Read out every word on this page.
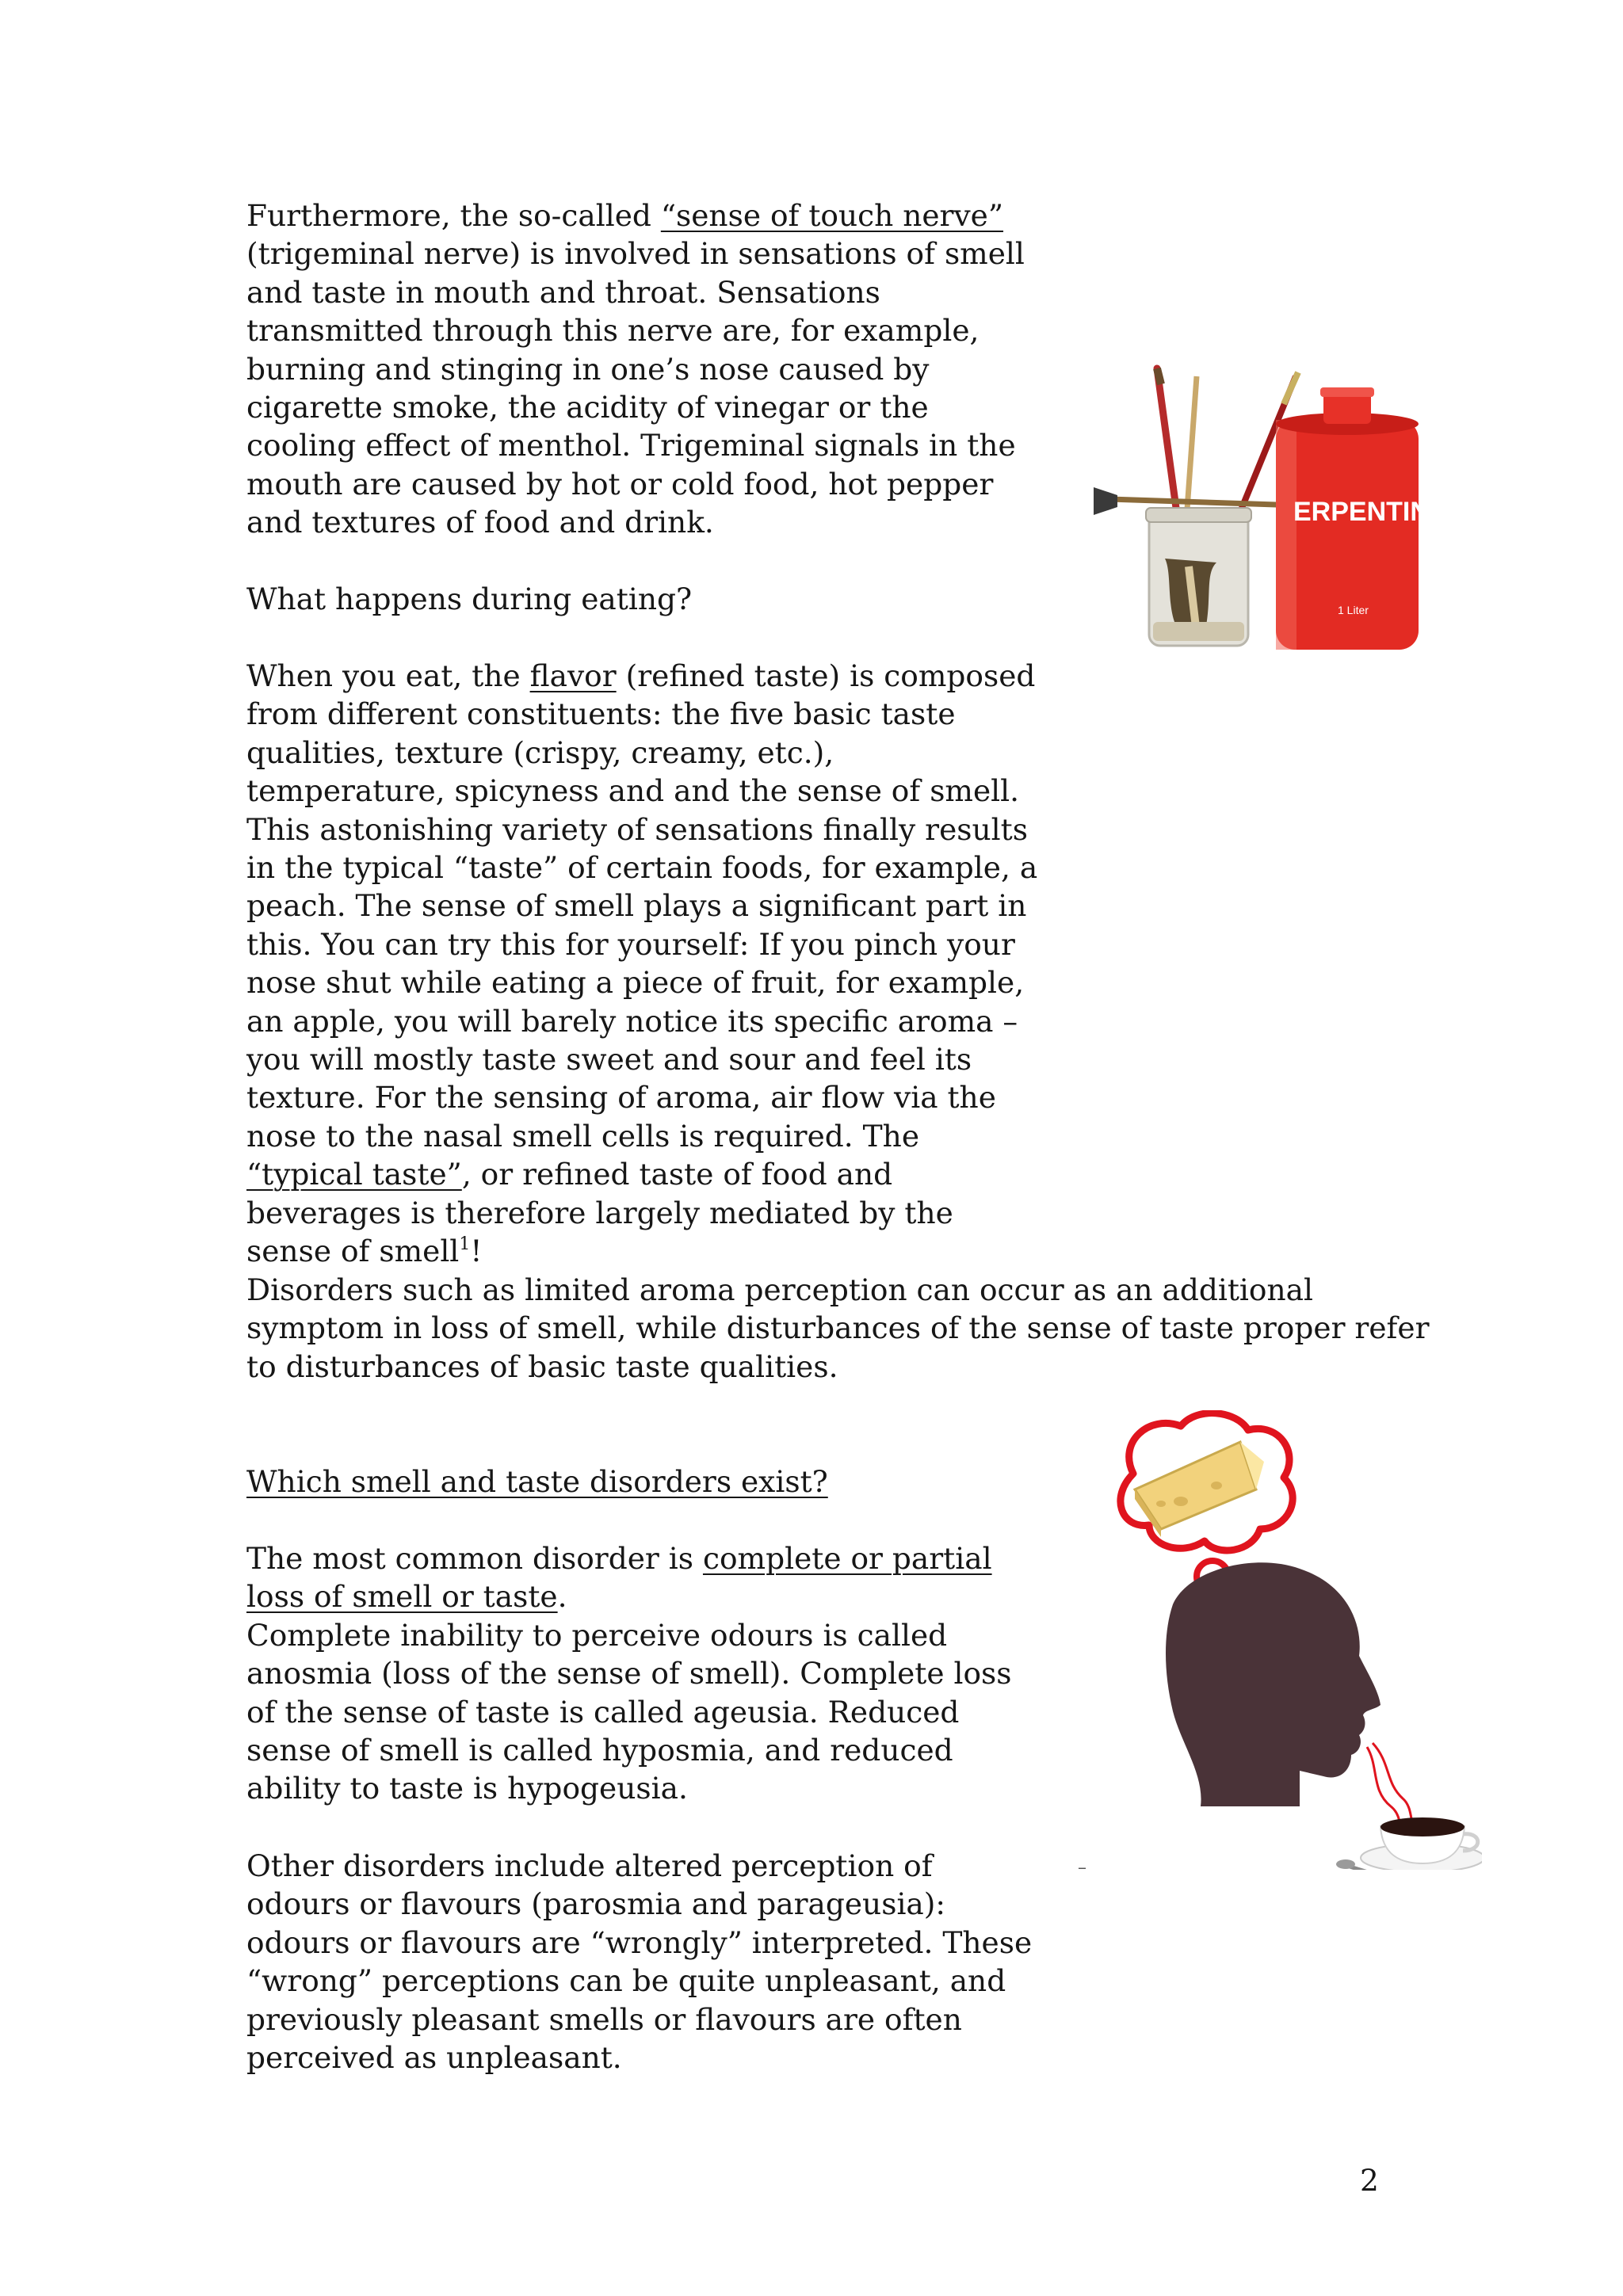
Furthermore, the so-called “sense of touch nerve” (trigeminal nerve) is involved in sensations of smell and taste in mouth and throat. Sensations transmitted through this nerve are, for example, burning and stinging in one’s nose caused by cigarette smoke, the acidity of vinegar or the cooling effect of menthol. Trigeminal signals in the mouth are caused by hot or cold food, hot pepper and textures of food and drink.

What happens during eating?

When you eat, the flavor (refined taste) is composed from different constituents: the five basic taste qualities, texture (crispy, creamy, etc.), temperature, spicyness and and the sense of smell. This astonishing variety of sensations finally results in the typical “taste” of certain foods, for example, a peach. The sense of smell plays a significant part in this. You can try this for yourself: If you pinch your nose shut while eating a piece of fruit, for example, an apple, you will barely notice its specific aroma – you will mostly taste sweet and sour and feel its texture. For the sensing of aroma, air flow via the nose to the nasal smell cells is required. The “typical taste”, or refined taste of food and beverages is therefore largely mediated by the sense of smell$^1$!

Disorders such as limited aroma perception can occur as an additional symptom in loss of smell, while disturbances of the sense of taste proper refer to disturbances of basic taste qualities.

Which smell and taste disorders exist?

The most common disorder is complete or partial loss of smell or taste.

Complete inability to perceive odours is called anosmia (loss of the sense of smell). Complete loss of the sense of taste is called ageusia. Reduced sense of smell is called hyposmia, and reduced ability to taste is hypogeusia.

Other disorders include altered perception of odours or flavours (parosmia and parageusia): odours or flavours are “wrongly” interpreted. These “wrong” perceptions can be quite unpleasant, and previously pleasant smells or flavours are often perceived as unpleasant.

–
ERPENTIN
1 Liter
2
